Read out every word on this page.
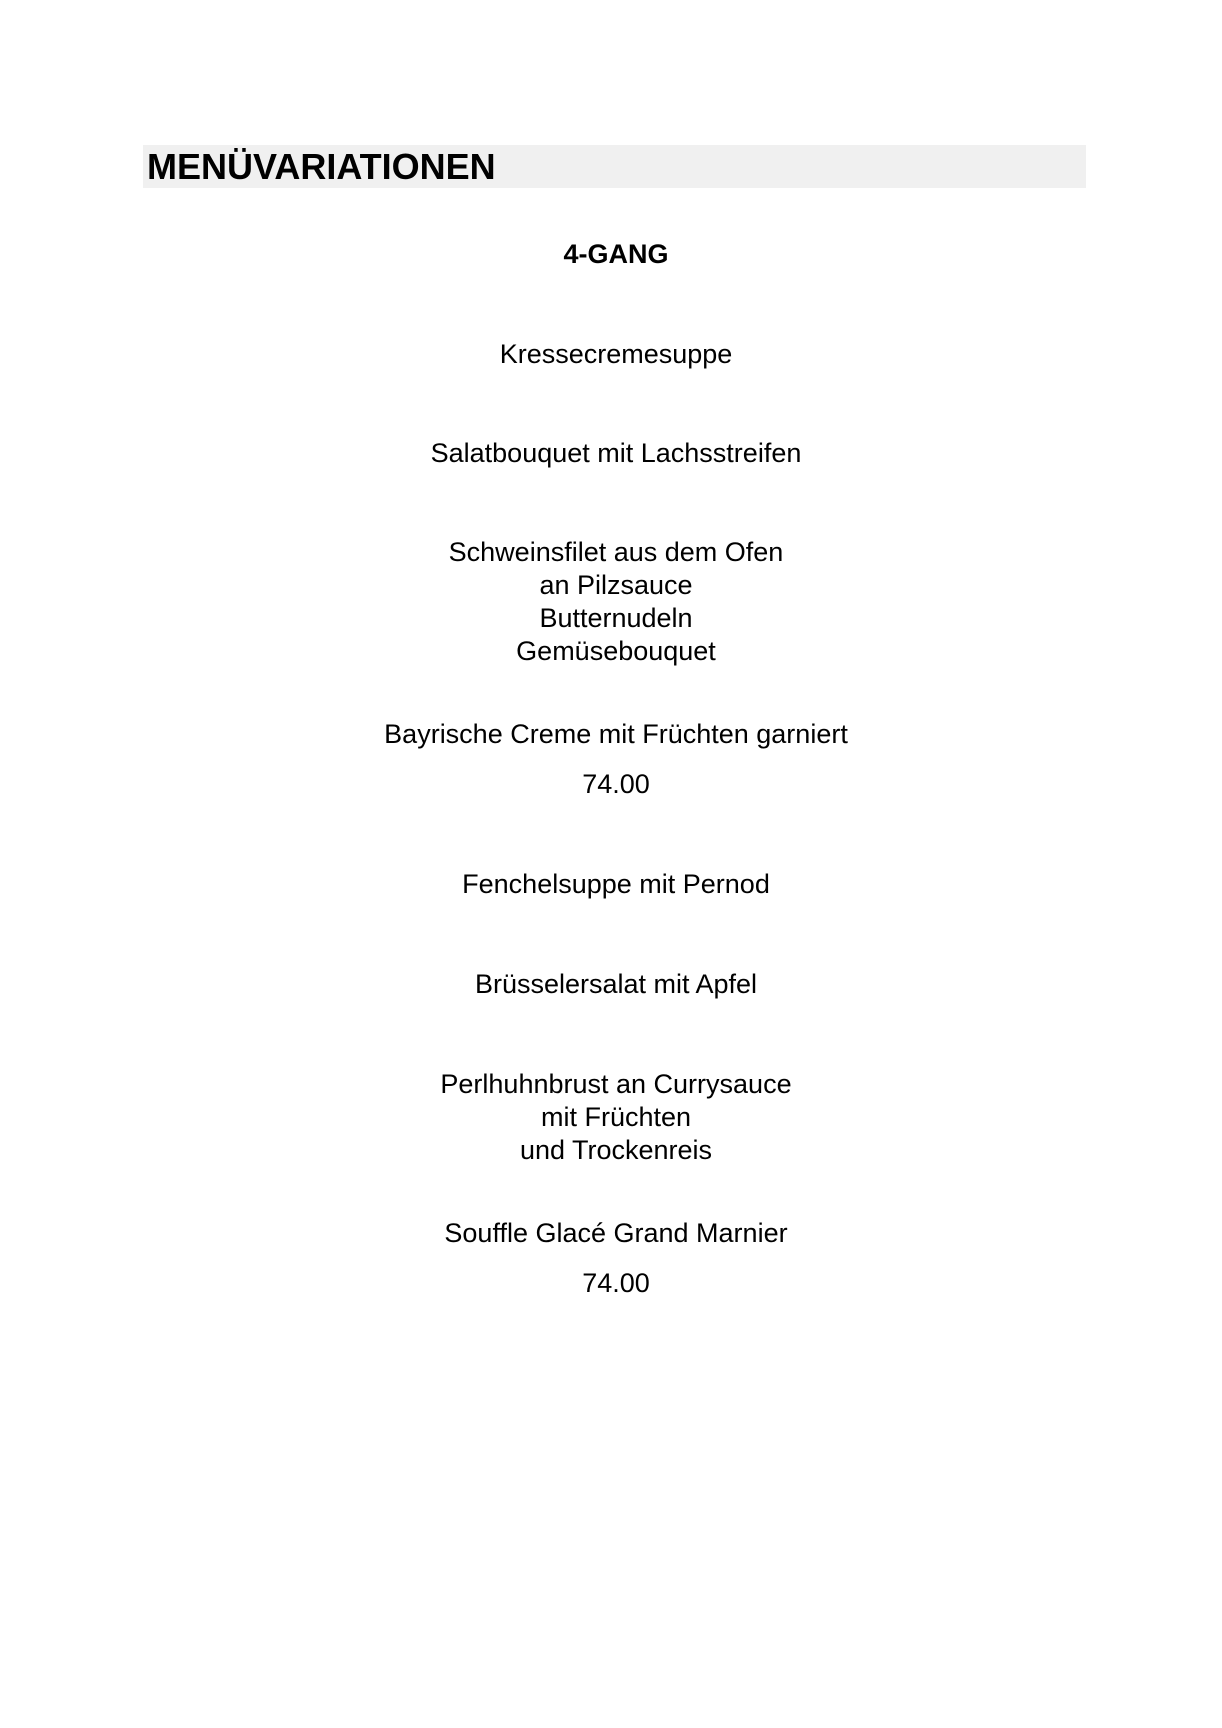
MENÜVARIATIONEN
4-GANG
Kressecremesuppe
Salatbouquet mit Lachsstreifen
Schweinsfilet aus dem Ofen
an Pilzsauce
Butternudeln
Gemüsebouquet
Bayrische Creme mit Früchten garniert
74.00
Fenchelsuppe mit Pernod
Brüsselersalat mit Apfel
Perlhuhnbrust an Currysauce
mit Früchten
und Trockenreis
Souffle Glacé Grand Marnier
74.00
